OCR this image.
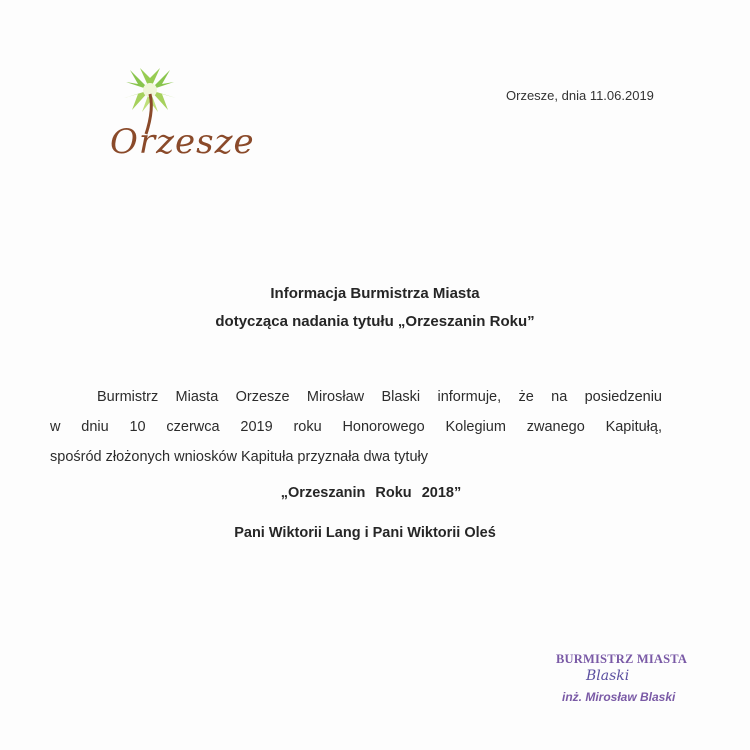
Orzesze
Orzesze, dnia 11.06.2019
Informacja Burmistrza Miasta
dotycząca nadania tytułu „Orzeszanin Roku”
Burmistrz Miasta Orzesze Mirosław Blaski informuje, że na posiedzeniu
w dniu 10 czerwca 2019 roku Honorowego Kolegium zwanego Kapitułą,
spośród złożonych wniosków Kapituła przyznała dwa tytuły
„Orzeszanin Roku 2018”
Pani Wiktorii Lang i Pani Wiktorii Oleś
BURMISTRZ MIASTA
Blaski
inż. Mirosław Blaski
